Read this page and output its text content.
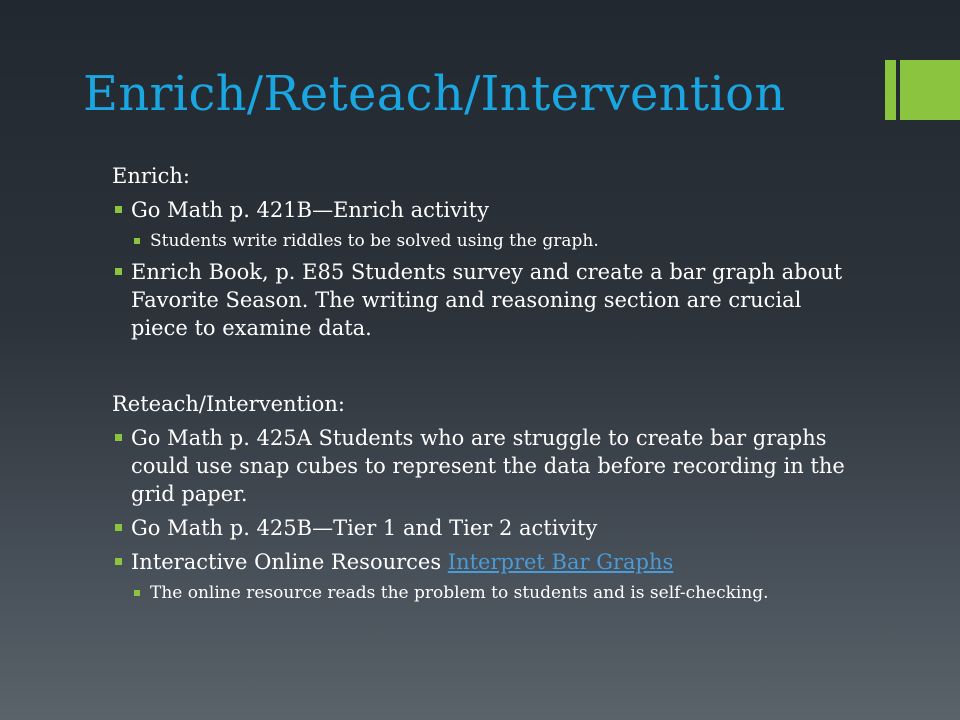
Enrich/Reteach/Intervention
Enrich:
Go Math p. 421B—Enrich activity
Students write riddles to be solved using the graph.
Enrich Book, p. E85 Students survey and create a bar graph about Favorite Season. The writing and reasoning section are crucial piece to examine data.
Reteach/Intervention:
Go Math p. 425A Students who are struggle to create bar graphs could use snap cubes to represent the data before recording in the grid paper.
Go Math p. 425B—Tier 1 and Tier 2 activity
Interactive Online Resources Interpret Bar Graphs
The online resource reads the problem to students and is self-checking.
